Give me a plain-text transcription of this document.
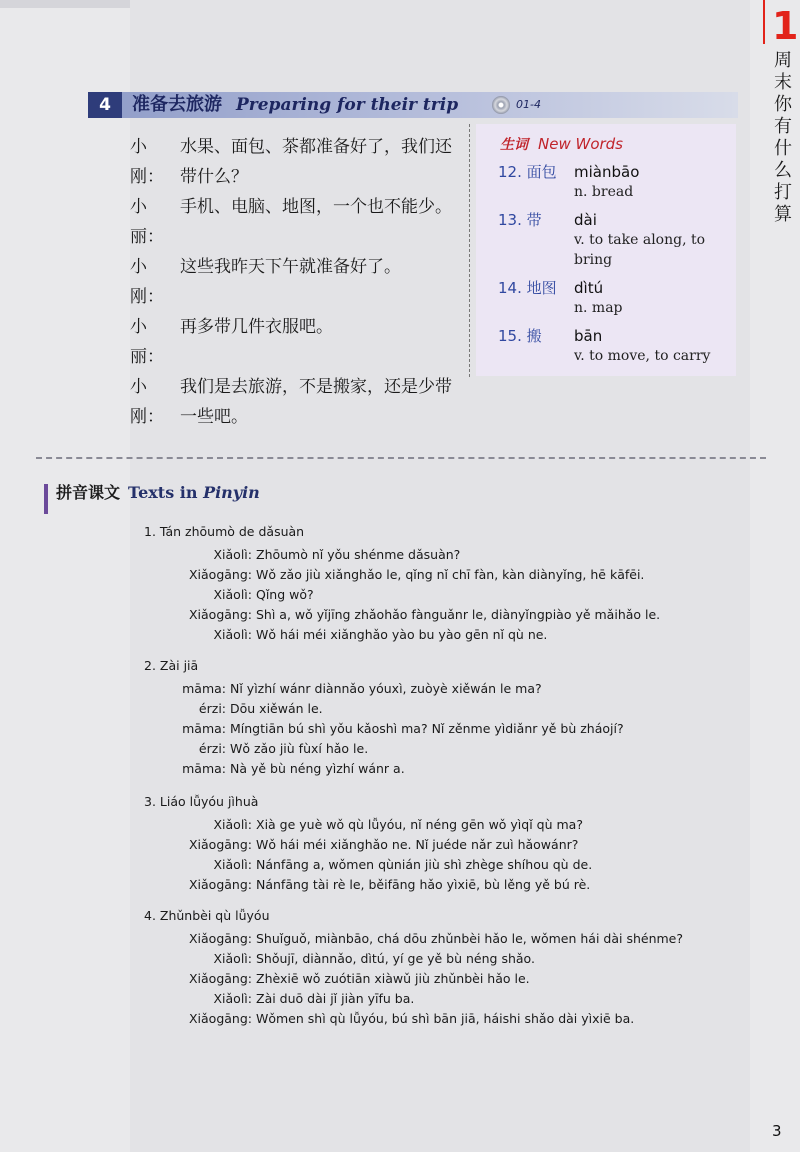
4	准备去旅游 Preparing for their trip	01-4
1
周末你有什么打算
小刚：
水果、面包、茶都准备好了，我们还带什么？
小丽：
手机、电脑、地图，一个也不能少。
小刚：
这些我昨天下午就准备好了。
小丽：
再多带几件衣服吧。
小刚：
我们是去旅游，不是搬家，还是少带一些吧。
生词 New Words
12. 面包	miànbāo
n. bread
13. 带	dài
v. to take along, to bring
14. 地图	dìtú
n. map
15. 搬	bān
v. to move, to carry
拼音课文 Texts in Pinyin
1. Tán zhōumò de dǎsuàn
Xiǎolì: Zhōumò nǐ yǒu shénme dǎsuàn?
Xiǎogāng: Wǒ zǎo jiù xiǎnghǎo le, qǐng nǐ chī fàn, kàn diànyǐng, hē kāfēi.
Xiǎolì: Qǐng wǒ?
Xiǎogāng: Shì a, wǒ yǐjīng zhǎohǎo fànguǎnr le, diànyǐngpiào yě mǎihǎo le.
Xiǎolì: Wǒ hái méi xiǎnghǎo yào bu yào gēn nǐ qù ne.
2. Zài jiā
māma: Nǐ yìzhí wánr diànnǎo yóuxì, zuòyè xiěwán le ma?
érzi: Dōu xiěwán le.
māma: Míngtiān bú shì yǒu kǎoshì ma? Nǐ zěnme yìdiǎnr yě bù zháojí?
érzi: Wǒ zǎo jiù fùxí hǎo le.
māma: Nà yě bù néng yìzhí wánr a.
3. Liáo lǚyóu jìhuà
Xiǎolì: Xià ge yuè wǒ qù lǚyóu, nǐ néng gēn wǒ yìqǐ qù ma?
Xiǎogāng: Wǒ hái méi xiǎnghǎo ne. Nǐ juéde nǎr zuì hǎowánr?
Xiǎolì: Nánfāng a, wǒmen qùnián jiù shì zhège shíhou qù de.
Xiǎogāng: Nánfāng tài rè le, běifāng hǎo yìxiē, bù lěng yě bú rè.
4. Zhǔnbèi qù lǚyóu
Xiǎogāng: Shuǐguǒ, miànbāo, chá dōu zhǔnbèi hǎo le, wǒmen hái dài shénme?
Xiǎolì: Shǒujī, diànnǎo, dìtú, yí ge yě bù néng shǎo.
Xiǎogāng: Zhèxiē wǒ zuótiān xiàwǔ jiù zhǔnbèi hǎo le.
Xiǎolì: Zài duō dài jǐ jiàn yīfu ba.
Xiǎogāng: Wǒmen shì qù lǚyóu, bú shì bān jiā, háishi shǎo dài yìxiē ba.
3
